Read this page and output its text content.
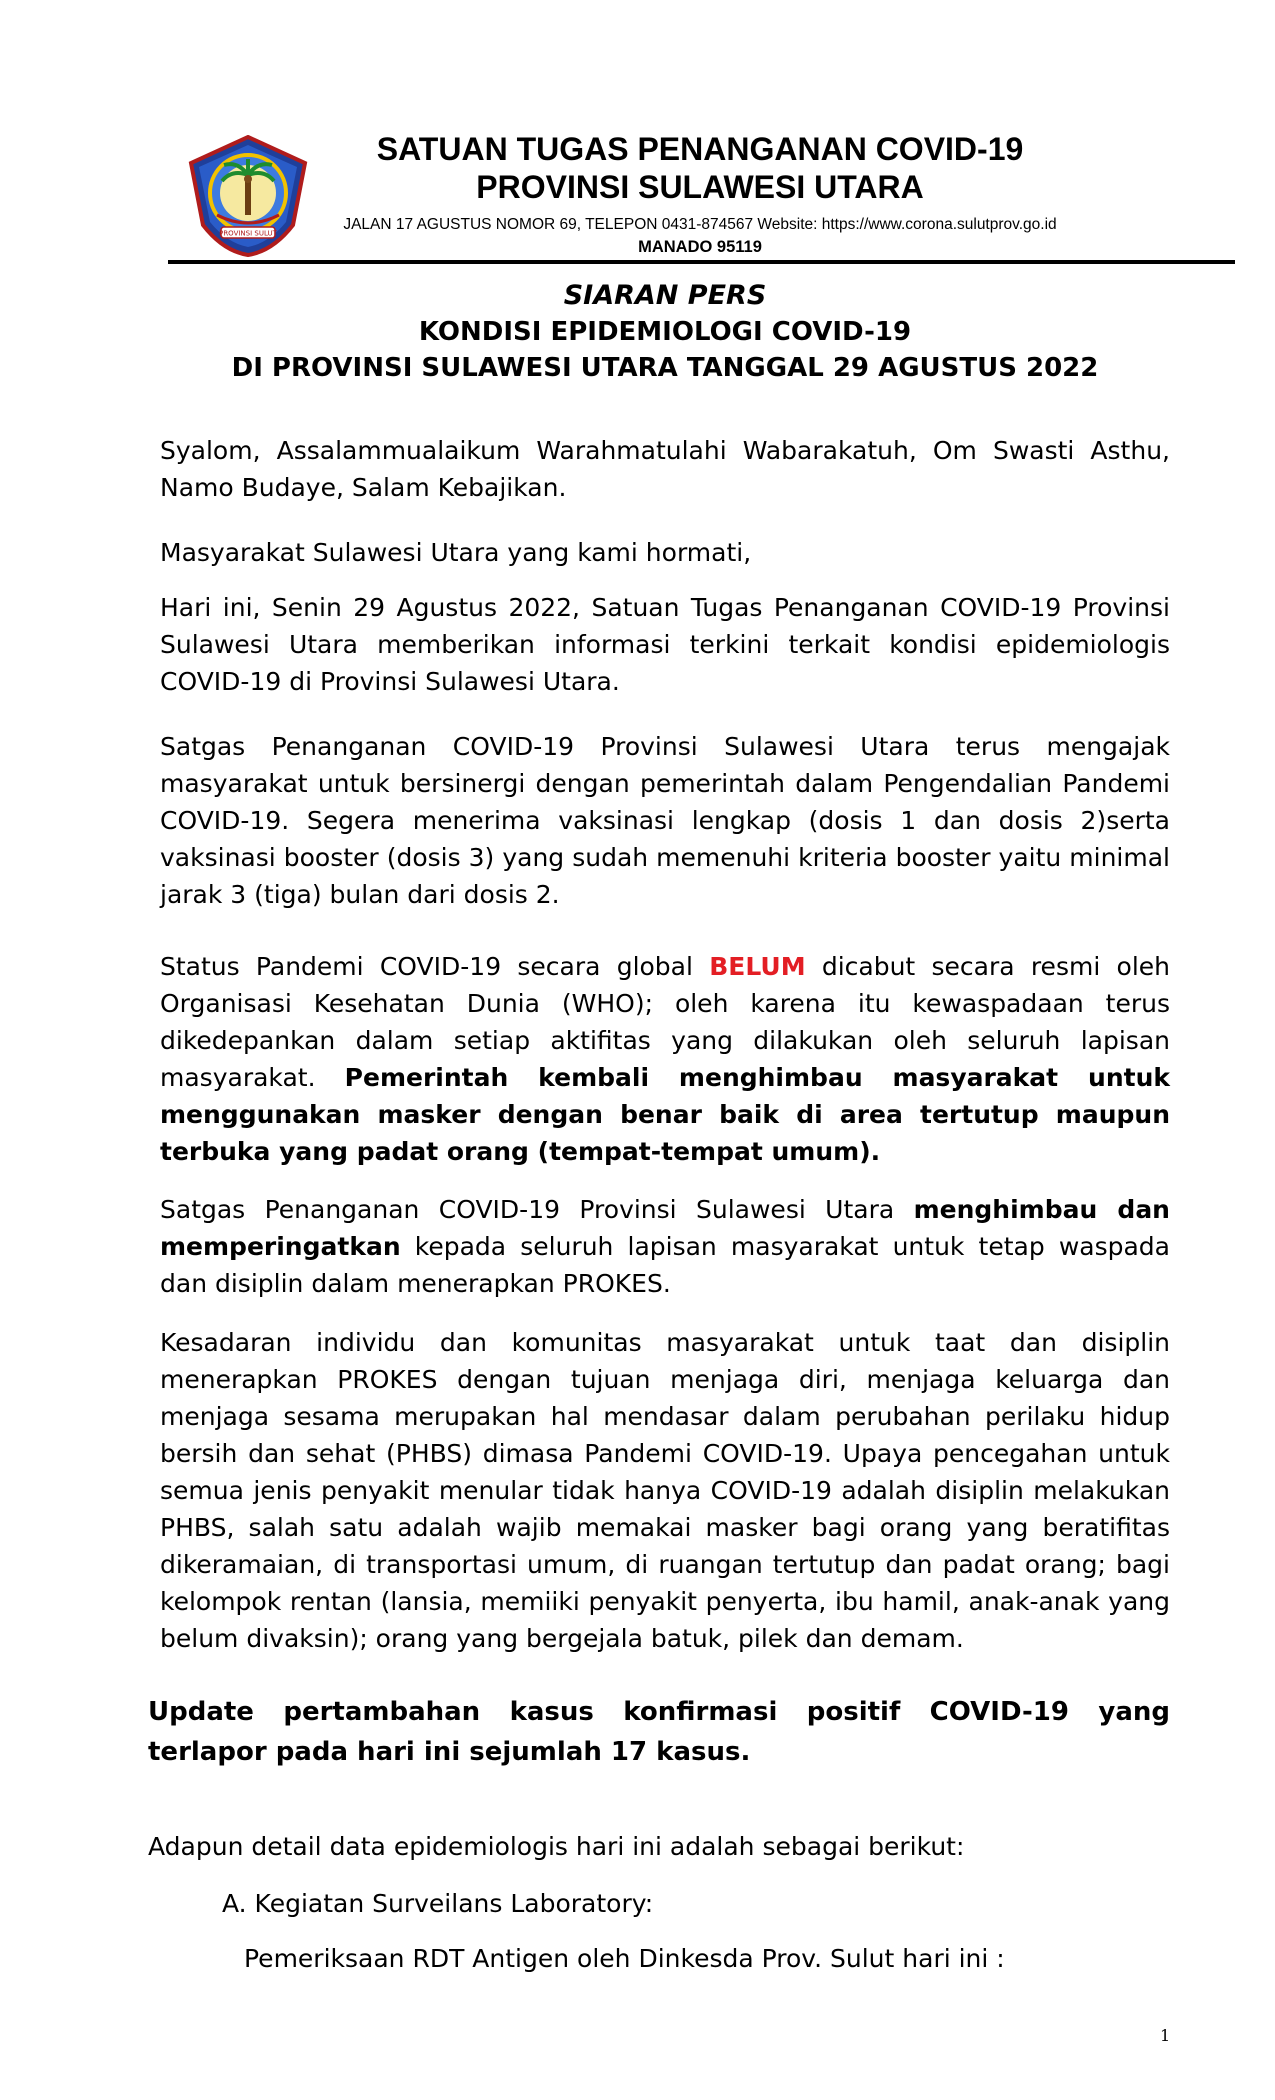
PROVINSI SULUT
SATUAN TUGAS PENANGANAN COVID-19
PROVINSI SULAWESI UTARA
JALAN 17 AGUSTUS NOMOR 69, TELEPON 0431-874567 Website: https://www.corona.sulutprov.go.id
MANADO 95119
SIARAN PERS
KONDISI EPIDEMIOLOGI COVID-19
DI PROVINSI SULAWESI UTARA TANGGAL 29 AGUSTUS 2022

Syalom, Assalammualaikum Warahmatulahi Wabarakatuh, Om Swasti Asthu, Namo Budaye, Salam Kebajikan.

Masyarakat Sulawesi Utara yang kami hormati,

Hari ini, Senin 29 Agustus 2022, Satuan Tugas Penanganan COVID-19 Provinsi Sulawesi Utara memberikan informasi terkini terkait kondisi epidemiologis COVID-19 di Provinsi Sulawesi Utara.

Satgas Penanganan COVID-19 Provinsi Sulawesi Utara terus mengajak masyarakat untuk bersinergi dengan pemerintah dalam Pengendalian Pandemi COVID-19. Segera menerima vaksinasi lengkap (dosis 1 dan dosis 2)serta vaksinasi booster (dosis 3) yang sudah memenuhi kriteria booster yaitu minimal jarak 3 (tiga) bulan dari dosis 2.

Status Pandemi COVID-19 secara global BELUM dicabut secara resmi oleh Organisasi Kesehatan Dunia (WHO); oleh karena itu kewaspadaan terus dikedepankan dalam setiap aktifitas yang dilakukan oleh seluruh lapisan masyarakat. Pemerintah kembali menghimbau masyarakat untuk menggunakan masker dengan benar baik di area tertutup maupun terbuka yang padat orang (tempat-tempat umum).

Satgas Penanganan COVID-19 Provinsi Sulawesi Utara menghimbau dan memperingatkan kepada seluruh lapisan masyarakat untuk tetap waspada dan disiplin dalam menerapkan PROKES.

Kesadaran individu dan komunitas masyarakat untuk taat dan disiplin menerapkan PROKES dengan tujuan menjaga diri, menjaga keluarga dan menjaga sesama merupakan hal mendasar dalam perubahan perilaku hidup bersih dan sehat (PHBS) dimasa Pandemi COVID-19. Upaya pencegahan untuk semua jenis penyakit menular tidak hanya COVID-19 adalah disiplin melakukan PHBS, salah satu adalah wajib memakai masker bagi orang yang beratifitas dikeramaian, di transportasi umum, di ruangan tertutup dan padat orang; bagi kelompok rentan (lansia, memiiki penyakit penyerta, ibu hamil, anak-anak yang belum divaksin); orang yang bergejala batuk, pilek dan demam.

Update pertambahan kasus konfirmasi positif COVID-19 yang terlapor pada hari ini sejumlah 17 kasus.
Adapun detail data epidemiologis hari ini adalah sebagai berikut:
A. Kegiatan Surveilans Laboratory:
Pemeriksaan RDT Antigen oleh Dinkesda Prov. Sulut hari ini :
1
